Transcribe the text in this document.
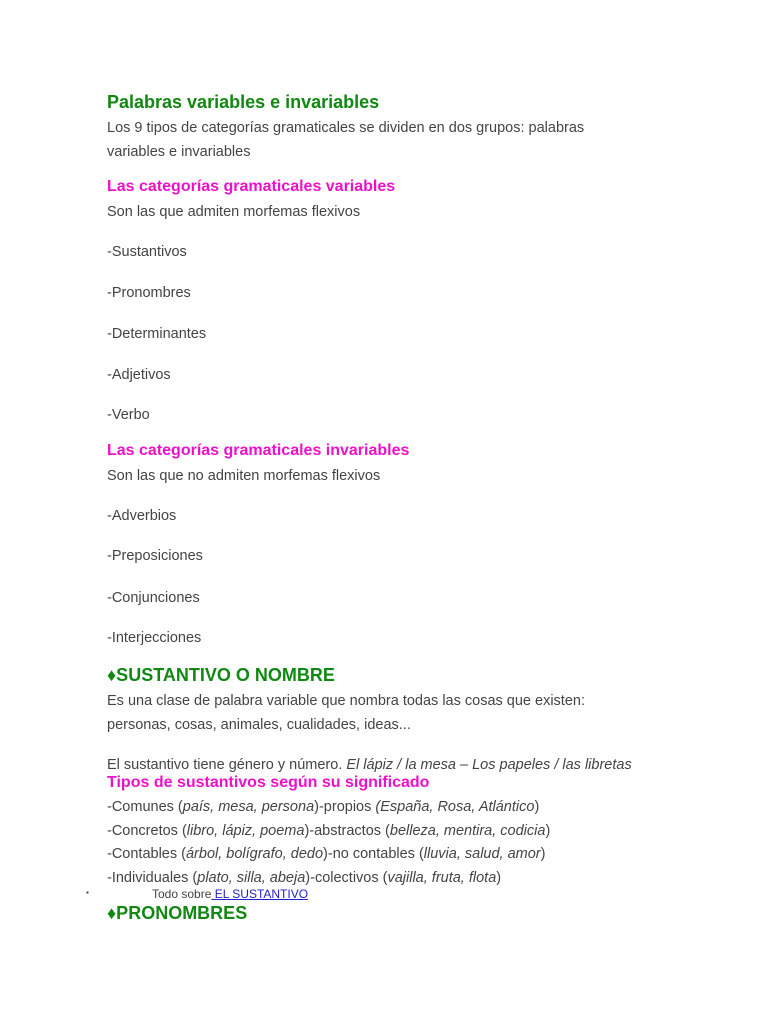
Palabras variables e invariables
Los 9 tipos de categorías gramaticales se dividen en dos grupos: palabras
variables e invariables
Las categorías gramaticales variables
Son las que admiten morfemas flexivos
-Sustantivos
-Pronombres
-Determinantes
-Adjetivos
-Verbo
Las categorías gramaticales invariables
Son las que no admiten morfemas flexivos
-Adverbios
-Preposiciones
-Conjunciones
-Interjecciones
♦SUSTANTIVO O NOMBRE
Es una clase de palabra variable que nombra todas las cosas que existen:
personas, cosas, animales, cualidades, ideas...
El sustantivo tiene género y número. El lápiz / la mesa – Los papeles / las libretas
Tipos de sustantivos según su significado
-Comunes (país, mesa, persona)-propios (España, Rosa, Atlántico)
-Concretos (libro, lápiz, poema)-abstractos (belleza, mentira, codicia)
-Contables (árbol, bolígrafo, dedo)-no contables (lluvia, salud, amor)
-Individuales (plato, silla, abeja)-colectivos (vajilla, fruta, flota)
▪	Todo sobre EL SUSTANTIVO
♦PRONOMBRES
